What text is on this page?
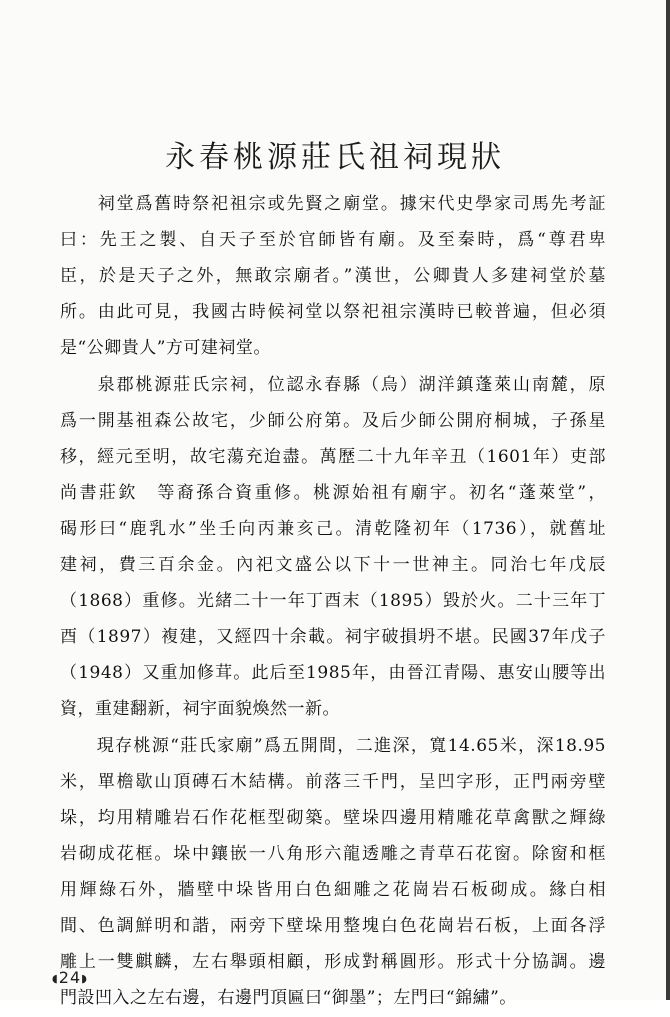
永春桃源莊氏祖祠現狀

　　祠堂爲舊時祭祀祖宗或先賢之廟堂。據宋代史學家司馬先考証
曰：先王之製、自天子至於官師皆有廟。及至秦時，爲“尊君卑
臣，於是天子之外，無敢宗廟者。”漢世，公卿貴人多建祠堂於墓
所。由此可見，我國古時候祠堂以祭祀祖宗漢時已較普遍，但必須
是“公卿貴人”方可建祠堂。

　　泉郡桃源莊氏宗祠，位認永春縣（烏）湖洋鎮蓬萊山南麓，原
爲一開基祖森公故宅，少師公府第。及后少師公開府桐城，子孫星
移，經元至明，故宅蕩充迨盡。萬歷二十九年辛丑（1601年）吏部
尚書莊欽　等裔孫合資重修。桃源始祖有廟宇。初名“蓬萊堂”，
碣形曰“鹿乳水”坐壬向丙兼亥己。清乾隆初年（1736），就舊址
建祠，費三百余金。內祀文盛公以下十一世神主。同治七年戊辰
（1868）重修。光緒二十一年丁酉末（1895）毀於火。二十三年丁
酉（1897）複建，又經四十余載。祠宇破損坍不堪。民國37年戊子
（1948）又重加修茸。此后至1985年，由晉江青陽、惠安山腰等出
資，重建翻新，祠宇面貌煥然一新。

　　現存桃源“莊氏家廟”爲五開間，二進深，寬14.65米，深18.95
米，單檐歇山頂磚石木結構。前落三千門，呈凹字形，正門兩旁壁
垛，均用精雕岩石作花框型砌築。壁垛四邊用精雕花草禽獸之輝綠
岩砌成花框。垛中鑲嵌一八角形六龍透雕之青草石花窗。除窗和框
用輝綠石外，牆壁中垛皆用白色細雕之花崗岩石板砌成。緣白相
間、色調鮮明和諧，兩旁下壁垛用整塊白色花崗岩石板，上面各浮
雕上一雙麒麟，左右舉頭相顧，形成對稱圓形。形式十分協調。邊
門設凹入之左右邊，右邊門頂匾曰“御墨”；左門曰“錦繡”。

◖24◗
